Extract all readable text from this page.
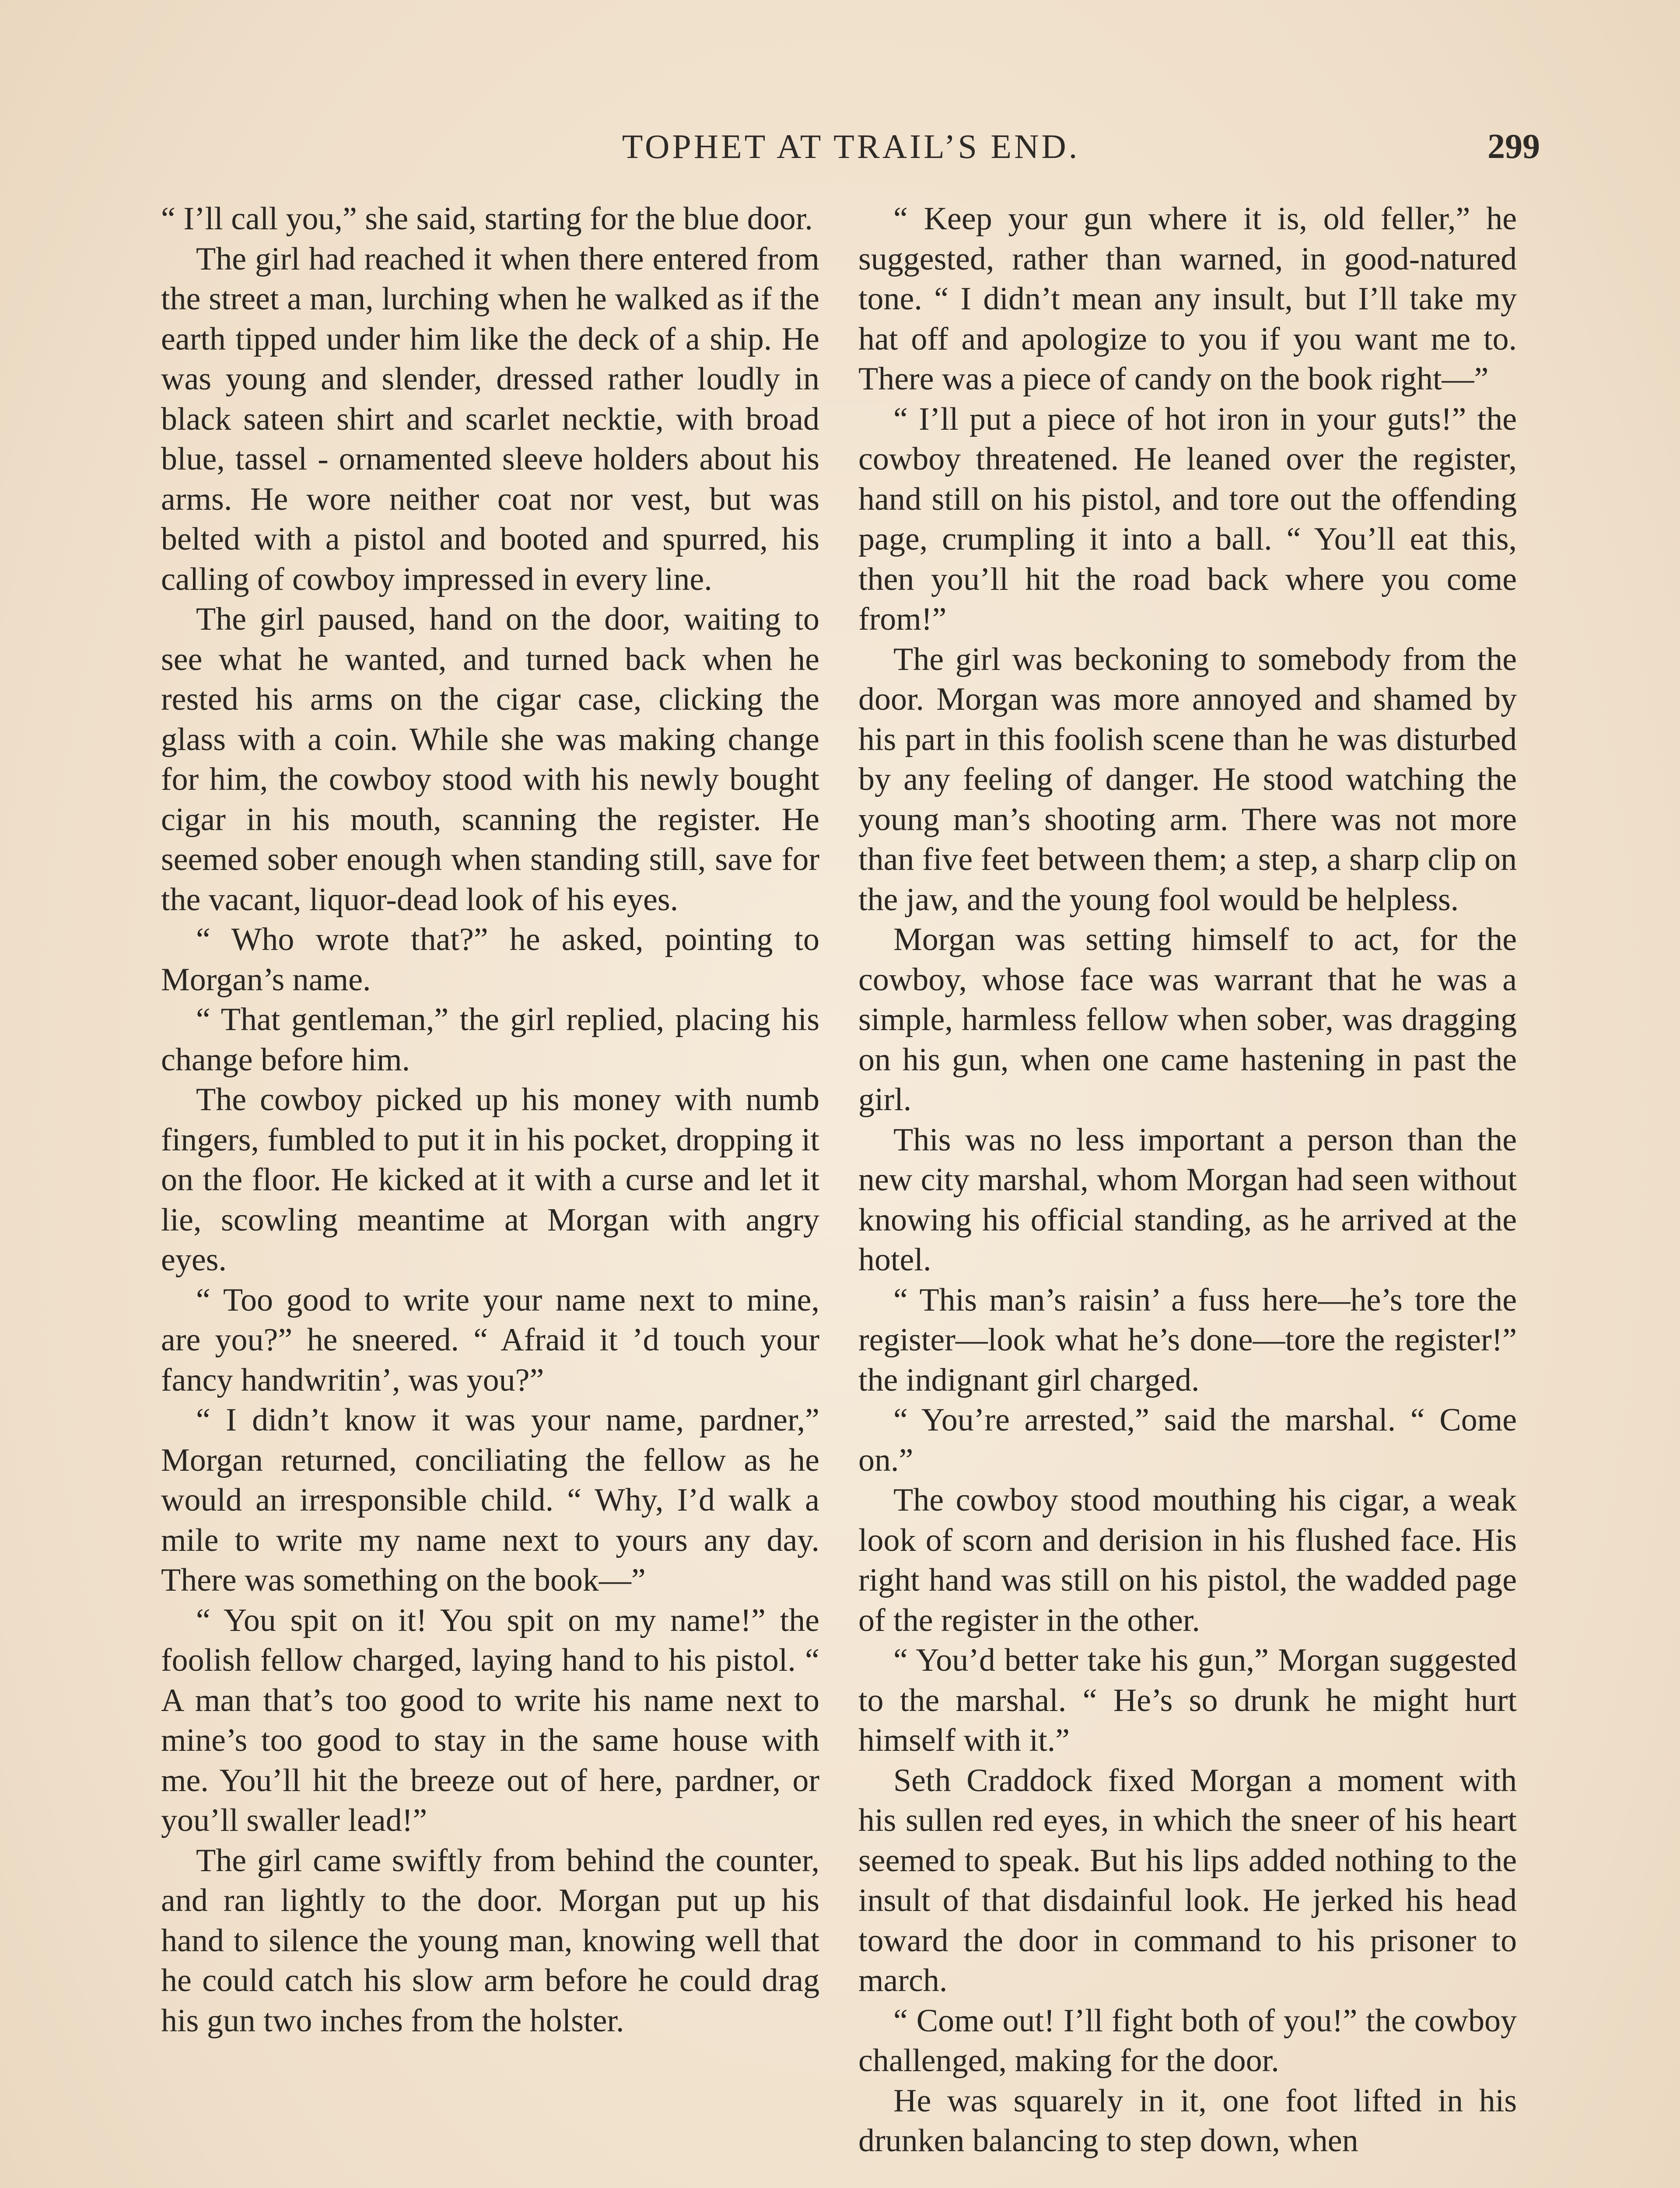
TOPHET AT TRAIL’S END.	299

“ I’ll call you,” she said, starting for the blue door.

The girl had reached it when there entered from the street a man, lurching when he walked as if the earth tipped under him like the deck of a ship. He was young and slender, dressed rather loudly in black sateen shirt and scarlet necktie, with broad blue, tassel - ornamented sleeve holders about his arms. He wore neither coat nor vest, but was belted with a pistol and booted and spurred, his calling of cowboy impressed in every line.

The girl paused, hand on the door, waiting to see what he wanted, and turned back when he rested his arms on the cigar case, clicking the glass with a coin. While she was making change for him, the cowboy stood with his newly bought cigar in his mouth, scanning the register. He seemed sober enough when standing still, save for the vacant, liquor-dead look of his eyes.

“ Who wrote that?” he asked, pointing to Morgan’s name.

“ That gentleman,” the girl replied, placing his change before him.

The cowboy picked up his money with numb fingers, fumbled to put it in his pocket, dropping it on the floor. He kicked at it with a curse and let it lie, scowling meantime at Morgan with angry eyes.

“ Too good to write your name next to mine, are you?” he sneered. “ Afraid it ’d touch your fancy handwritin’, was you?”

“ I didn’t know it was your name, pardner,” Morgan returned, conciliating the fellow as he would an irresponsible child. “ Why, I’d walk a mile to write my name next to yours any day. There was something on the book—”

“ You spit on it! You spit on my name!” the foolish fellow charged, laying hand to his pistol. “ A man that’s too good to write his name next to mine’s too good to stay in the same house with me. You’ll hit the breeze out of here, pardner, or you’ll swaller lead!”

The girl came swiftly from behind the counter, and ran lightly to the door. Morgan put up his hand to silence the young man, knowing well that he could catch his slow arm before he could drag his gun two inches from the holster.

“ Keep your gun where it is, old feller,” he suggested, rather than warned, in good-natured tone. “ I didn’t mean any insult, but I’ll take my hat off and apologize to you if you want me to. There was a piece of candy on the book right—”

“ I’ll put a piece of hot iron in your guts!” the cowboy threatened. He leaned over the register, hand still on his pistol, and tore out the offending page, crumpling it into a ball. “ You’ll eat this, then you’ll hit the road back where you come from!”

The girl was beckoning to somebody from the door. Morgan was more annoyed and shamed by his part in this foolish scene than he was disturbed by any feeling of danger. He stood watching the young man’s shooting arm. There was not more than five feet between them; a step, a sharp clip on the jaw, and the young fool would be helpless.

Morgan was setting himself to act, for the cowboy, whose face was warrant that he was a simple, harmless fellow when sober, was dragging on his gun, when one came hastening in past the girl.

This was no less important a person than the new city marshal, whom Morgan had seen without knowing his official standing, as he arrived at the hotel.

“ This man’s raisin’ a fuss here—he’s tore the register—look what he’s done—tore the register!” the indignant girl charged.

“ You’re arrested,” said the marshal. “ Come on.”

The cowboy stood mouthing his cigar, a weak look of scorn and derision in his flushed face. His right hand was still on his pistol, the wadded page of the register in the other.

“ You’d better take his gun,” Morgan suggested to the marshal. “ He’s so drunk he might hurt himself with it.”

Seth Craddock fixed Morgan a moment with his sullen red eyes, in which the sneer of his heart seemed to speak. But his lips added nothing to the insult of that disdainful look. He jerked his head toward the door in command to his prisoner to march.

“ Come out! I’ll fight both of you!” the cowboy challenged, making for the door.

He was squarely in it, one foot lifted in his drunken balancing to step down, when
